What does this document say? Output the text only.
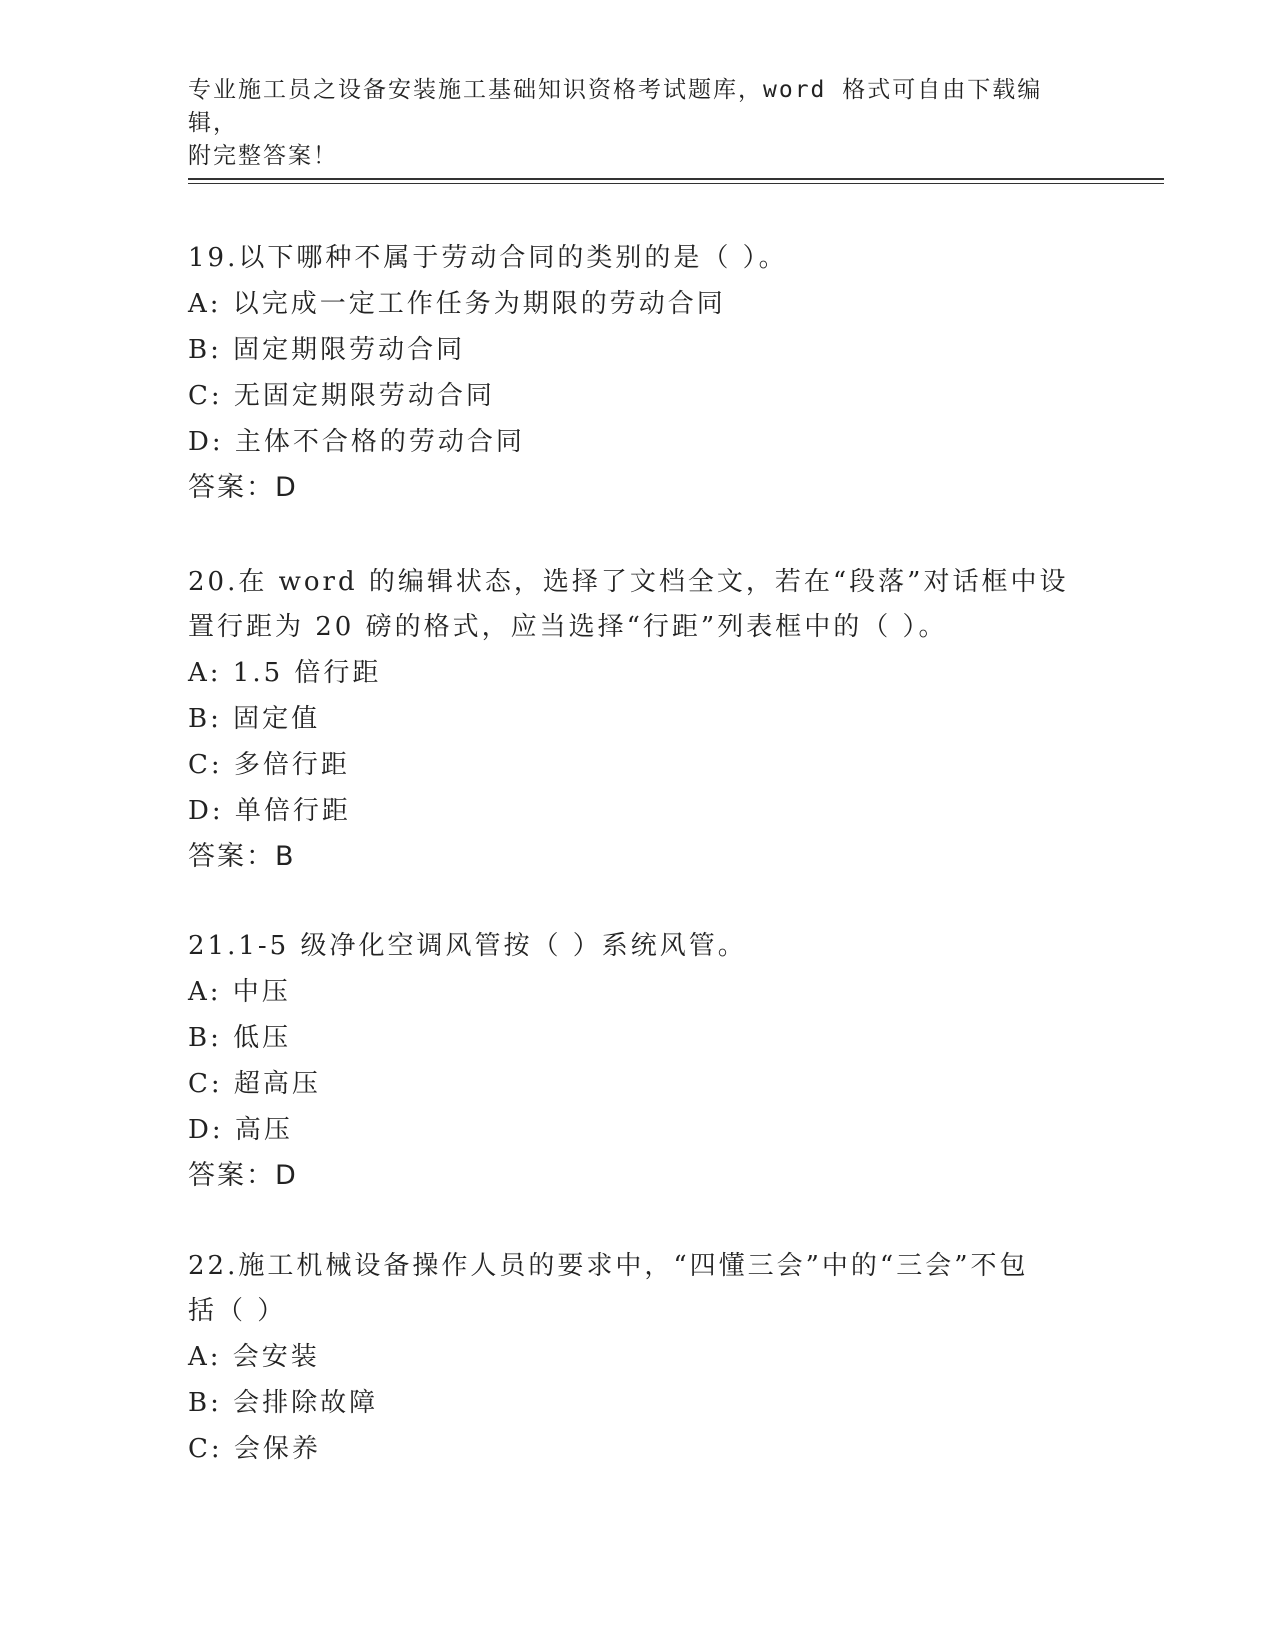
专业施工员之设备安装施工基础知识资格考试题库，word 格式可自由下载编辑，
附完整答案！

19.以下哪种不属于劳动合同的类别的是（ ）。

A: 以完成一定工作任务为期限的劳动合同

B: 固定期限劳动合同

C: 无固定期限劳动合同

D: 主体不合格的劳动合同

答案：D

20.在 word 的编辑状态，选择了文档全文，若在“段落”对话框中设

置行距为 20 磅的格式，应当选择“行距”列表框中的（ ）。

A: 1.5 倍行距

B: 固定值

C: 多倍行距

D: 单倍行距

答案：B

21.1-5 级净化空调风管按（ ）系统风管。

A: 中压

B: 低压

C: 超高压

D: 高压

答案：D

22.施工机械设备操作人员的要求中，“四懂三会”中的“三会”不包

括（ ）

A: 会安装

B: 会排除故障

C: 会保养
